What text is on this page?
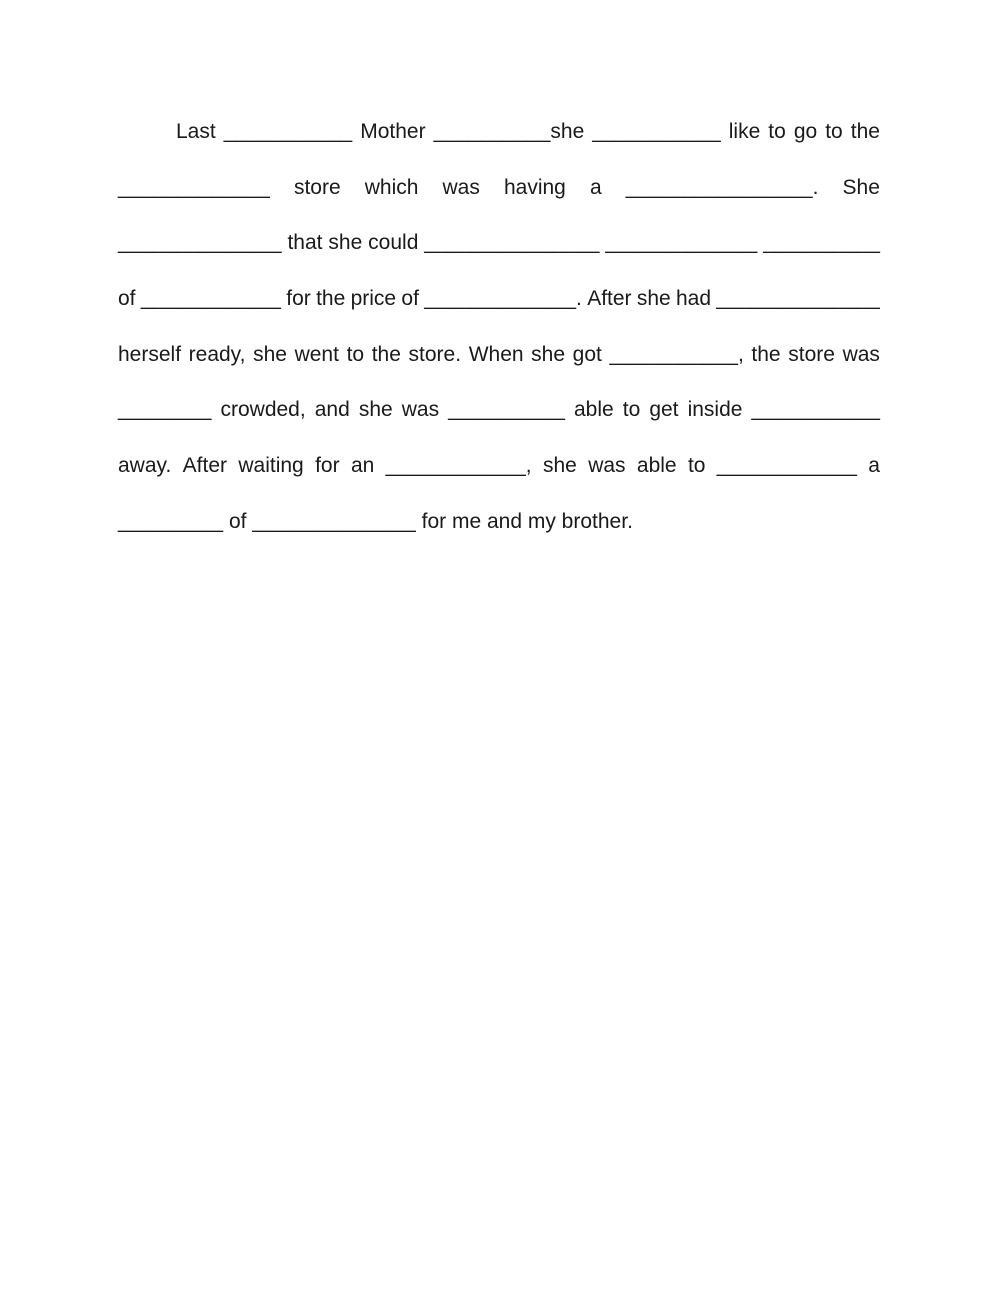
Last ___________ Mother __________she ___________ like to go to the
_____________ store which was having a ________________. She
______________ that she could _______________ _____________ __________
of ____________ for the price of _____________. After she had ______________
herself ready, she went to the store. When she got ___________, the store was
________ crowded, and she was __________ able to get inside ___________
away. After waiting for an ____________, she was able to ____________ a
_________ of ______________ for me and my brother.
